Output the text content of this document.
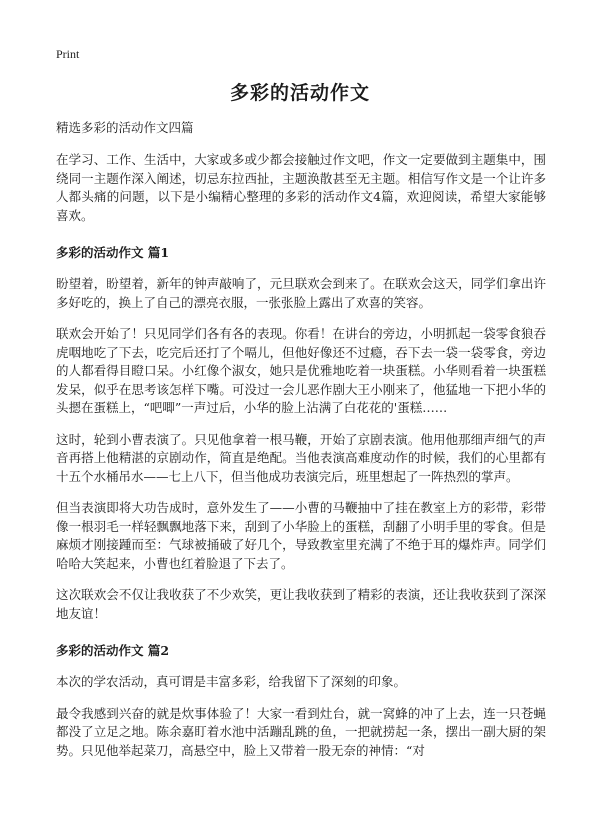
Print
多彩的活动作文

精选多彩的活动作文四篇

在学习、工作、生活中，大家或多或少都会接触过作文吧，作文一定要做到主题集中，围绕同一主题作深入阐述，切忌东拉西扯，主题涣散甚至无主题。相信写作文是一个让许多人都头痛的问题，以下是小编精心整理的多彩的活动作文4篇，欢迎阅读，希望大家能够喜欢。

多彩的活动作文 篇1

盼望着，盼望着，新年的钟声敲响了，元旦联欢会到来了。在联欢会这天，同学们拿出许多好吃的，换上了自己的漂亮衣服，一张张脸上露出了欢喜的笑容。

联欢会开始了！只见同学们各有各的表现。你看！在讲台的旁边，小明抓起一袋零食狼吞虎咽地吃了下去，吃完后还打了个嗝儿，但他好像还不过瘾，吞下去一袋一袋零食，旁边的人都看得目瞪口呆。小红像个淑女，她只是优雅地吃着一块蛋糕。小华则看着一块蛋糕发呆，似乎在思考该怎样下嘴。可没过一会儿恶作剧大王小刚来了，他猛地一下把小华的头摁在蛋糕上，“吧唧”一声过后，小华的脸上沾满了白花花的'蛋糕……

这时，轮到小曹表演了。只见他拿着一根马鞭，开始了京剧表演。他用他那细声细气的声音再搭上他精湛的京剧动作，简直是绝配。当他表演高难度动作的时候，我们的心里都有十五个水桶吊水——七上八下，但当他成功表演完后，班里想起了一阵热烈的掌声。

但当表演即将大功告成时，意外发生了——小曹的马鞭抽中了挂在教室上方的彩带，彩带像一根羽毛一样轻飘飘地落下来，刮到了小华脸上的蛋糕，刮翻了小明手里的零食。但是麻烦才刚接踵而至：气球被捅破了好几个，导致教室里充满了不绝于耳的爆炸声。同学们哈哈大笑起来，小曹也红着脸退了下去了。

这次联欢会不仅让我收获了不少欢笑，更让我收获到了精彩的表演，还让我收获到了深深地友谊！

多彩的活动作文 篇2

本次的学农活动，真可谓是丰富多彩，给我留下了深刻的印象。

最令我感到兴奋的就是炊事体验了！大家一看到灶台，就一窝蜂的冲了上去，连一只苍蝇都没了立足之地。陈余嘉盯着水池中活蹦乱跳的鱼，一把就捞起一条，摆出一副大厨的架势。只见他举起菜刀，高悬空中，脸上又带着一股无奈的神情：“对
